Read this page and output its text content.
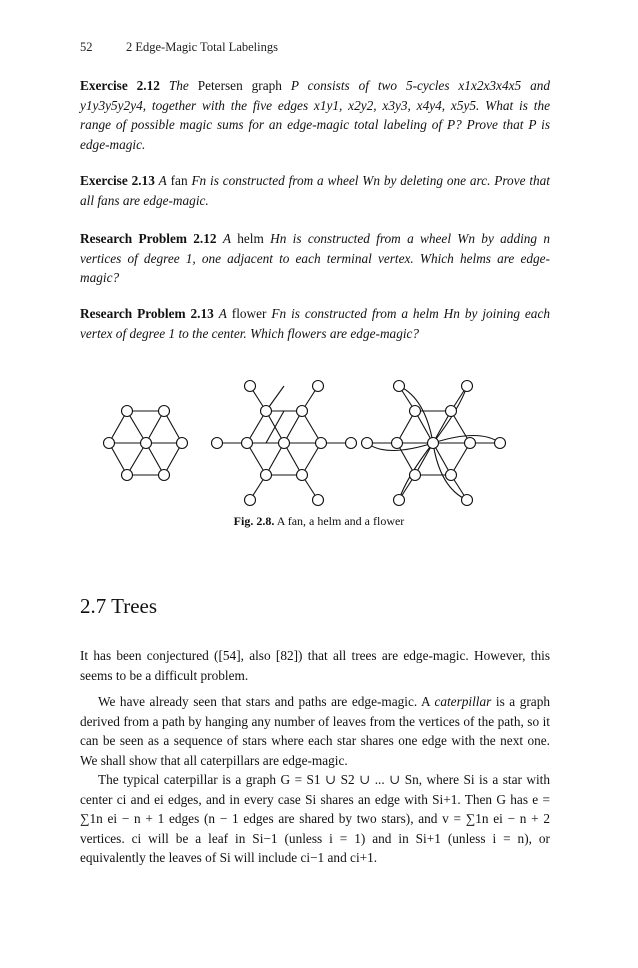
52	2 Edge-Magic Total Labelings
Exercise 2.12 The Petersen graph P consists of two 5-cycles x1x2x3x4x5 and y1y3y5y2y4, together with the five edges x1y1, x2y2, x3y3, x4y4, x5y5. What is the range of possible magic sums for an edge-magic total labeling of P? Prove that P is edge-magic.
Exercise 2.13 A fan Fn is constructed from a wheel Wn by deleting one arc. Prove that all fans are edge-magic.
Research Problem 2.12 A helm Hn is constructed from a wheel Wn by adding n vertices of degree 1, one adjacent to each terminal vertex. Which helms are edge-magic?
Research Problem 2.13 A flower Fn is constructed from a helm Hn by joining each vertex of degree 1 to the center. Which flowers are edge-magic?
Fig. 2.8. A fan, a helm and a flower
2.7 Trees
It has been conjectured ([54], also [82]) that all trees are edge-magic. However, this seems to be a difficult problem.
We have already seen that stars and paths are edge-magic. A caterpillar is a graph derived from a path by hanging any number of leaves from the vertices of the path, so it can be seen as a sequence of stars where each star shares one edge with the next one. We shall show that all caterpillars are edge-magic.
The typical caterpillar is a graph G = S1 ∪ S2 ∪ ... ∪ Sn, where Si is a star with center ci and ei edges, and in every case Si shares an edge with Si+1. Then G has e = ∑1n ei − n + 1 edges (n − 1 edges are shared by two stars), and v = ∑1n ei − n + 2 vertices. ci will be a leaf in Si−1 (unless i = 1) and in Si+1 (unless i = n), or equivalently the leaves of Si will include ci−1 and ci+1.
